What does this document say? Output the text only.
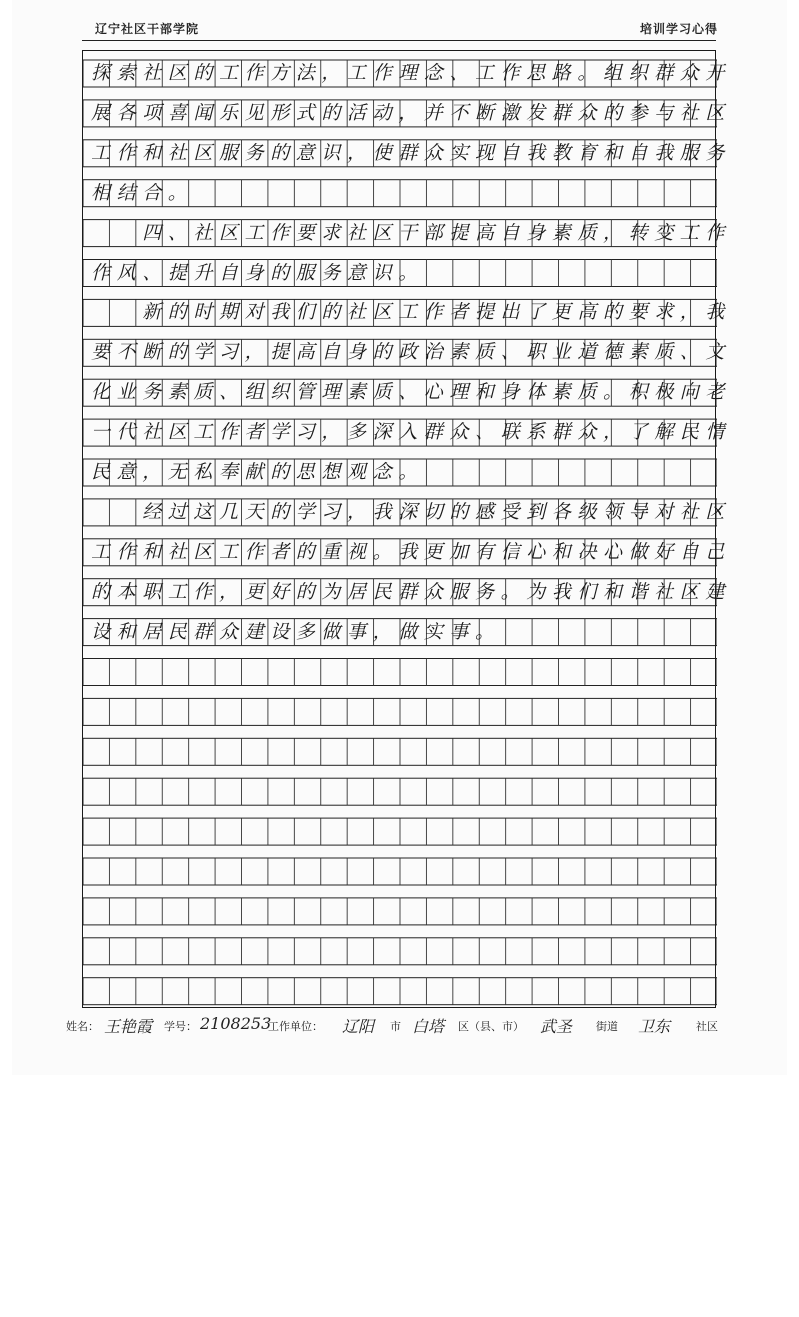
辽宁社区干部学院	培训学习心得
探索社区的工作方法，工作理念、工作思路。组织群众开
展各项喜闻乐见形式的活动，并不断激发群众的参与社区
工作和社区服务的意识，使群众实现自我教育和自我服务
相结合。
　　四、社区工作要求社区干部提高自身素质，转变工作
作风、提升自身的服务意识。
　　新的时期对我们的社区工作者提出了更高的要求，我
要不断的学习，提高自身的政治素质、职业道德素质、文
化业务素质、组织管理素质、心理和身体素质。积极向老
一代社区工作者学习，多深入群众、联系群众，了解民情
民意，无私奉献的思想观念。
　　经过这几天的学习，我深切的感受到各级领导对社区
工作和社区工作者的重视。我更加有信心和决心做好自己
的本职工作，更好的为居民群众服务。为我们和谐社区建
设和居民群众建设多做事，做实事。
姓名： 王艳霞 学号： 2108253
工作单位： 辽阳 市 白塔 区（县、市） 武圣 街道 卫东 社区
